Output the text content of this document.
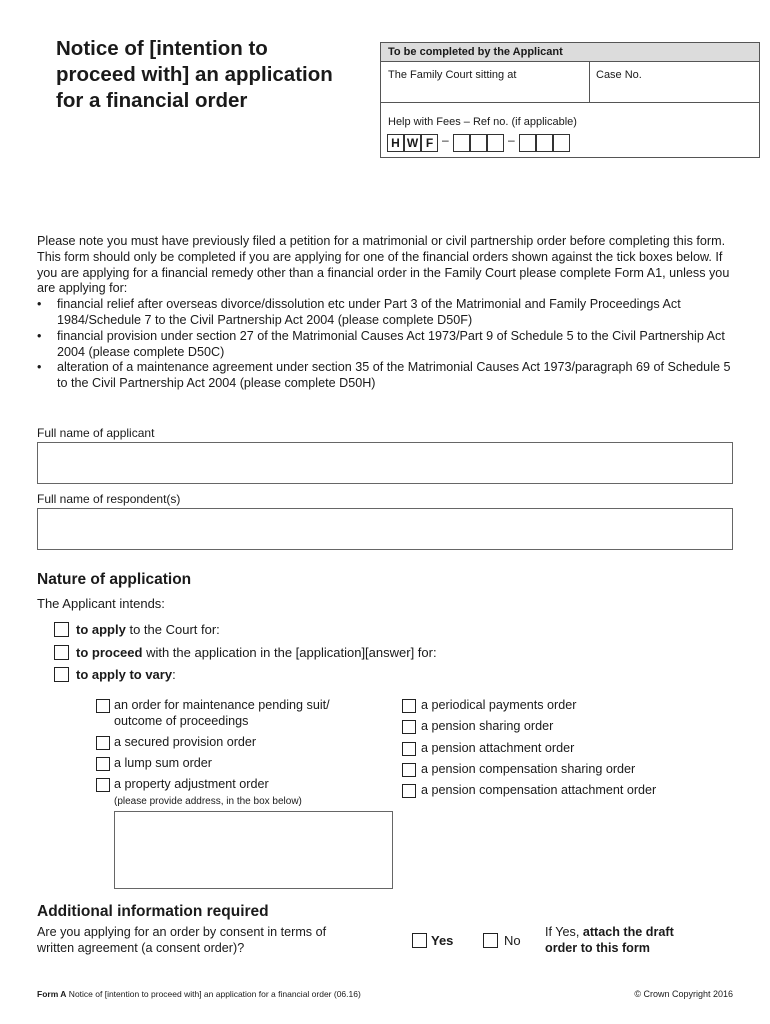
Notice of [intention to
proceed with] an application
for a financial order
To be completed by the Applicant
The Family Court sitting at	Case No.
Help with Fees – Ref no. (if applicable)
H W F –	–

Please note you must have previously filed a petition for a matrimonial or civil partnership order before completing this form. This form should only be completed if you are applying for one of the financial orders shown against the tick boxes below. If you are applying for a financial remedy other than a financial order in the Family Court please complete Form A1, unless you are applying for:

• financial relief after overseas divorce/dissolution etc under Part 3 of the Matrimonial and Family Proceedings Act 1984/Schedule 7 to the Civil Partnership Act 2004 (please complete D50F)
• financial provision under section 27 of the Matrimonial Causes Act 1973/Part 9 of Schedule 5 to the Civil Partnership Act 2004 (please complete D50C)
• alteration of a maintenance agreement under section 35 of the Matrimonial Causes Act 1973/paragraph 69 of Schedule 5 to the Civil Partnership Act 2004 (please complete D50H)
Full name of applicant
Full name of respondent(s)
Nature of application
The Applicant intends:
to apply to the Court for:
to proceed with the application in the [application][answer] for:
to apply to vary:
an order for maintenance pending suit/
outcome of proceedings
a secured provision order
a lump sum order
a property adjustment order
(please provide address, in the box below)
a periodical payments order
a pension sharing order
a pension attachment order
a pension compensation sharing order
a pension compensation attachment order
Additional information required
Are you applying for an order by consent in terms of
written agreement (a consent order)?	Yes	No
If Yes, attach the draft
order to this form
Form A Notice of [intention to proceed with] an application for a financial order (06.16)	© Crown Copyright 2016
